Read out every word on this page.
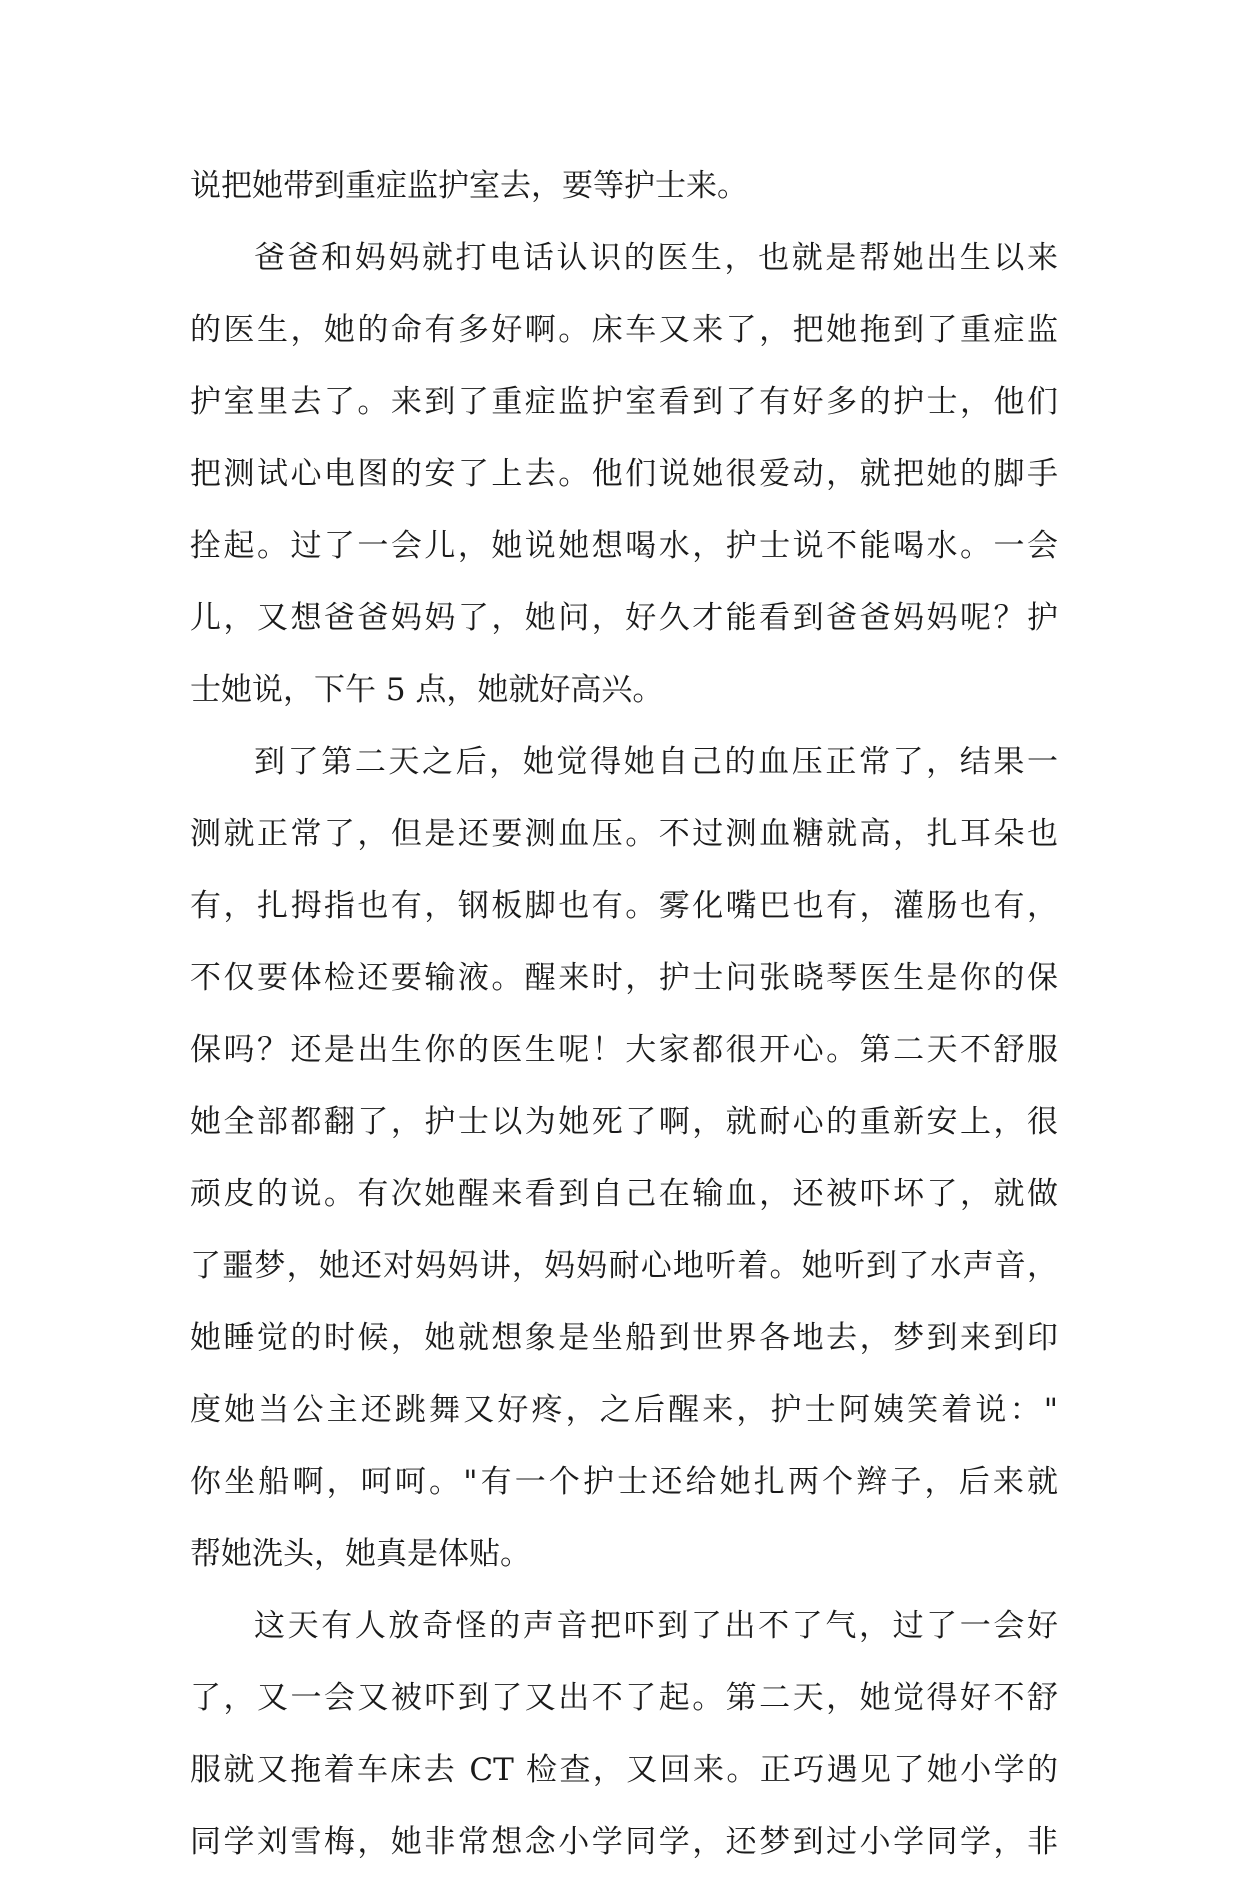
说把她带到重症监护室去，要等护士来。
爸爸和妈妈就打电话认识的医生，也就是帮她出生以来
的医生，她的命有多好啊。床车又来了，把她拖到了重症监
护室里去了。来到了重症监护室看到了有好多的护士，他们
把测试心电图的安了上去。他们说她很爱动，就把她的脚手
拴起。过了一会儿，她说她想喝水，护士说不能喝水。一会
儿，又想爸爸妈妈了，她问，好久才能看到爸爸妈妈呢？护
士她说，下午 5 点，她就好高兴。
到了第二天之后，她觉得她自己的血压正常了，结果一
测就正常了，但是还要测血压。不过测血糖就高，扎耳朵也
有，扎拇指也有，钢板脚也有。雾化嘴巴也有，灌肠也有，
不仅要体检还要输液。醒来时，护士问张晓琴医生是你的保
保吗？还是出生你的医生呢！大家都很开心。第二天不舒服
她全部都翻了，护士以为她死了啊，就耐心的重新安上，很
顽皮的说。有次她醒来看到自己在输血，还被吓坏了，就做
了噩梦，她还对妈妈讲，妈妈耐心地听着。她听到了水声音，
她睡觉的时候，她就想象是坐船到世界各地去，梦到来到印
度她当公主还跳舞又好疼，之后醒来，护士阿姨笑着说："
你坐船啊，呵呵。"有一个护士还给她扎两个辫子，后来就
帮她洗头，她真是体贴。
这天有人放奇怪的声音把吓到了出不了气，过了一会好
了，又一会又被吓到了又出不了起。第二天，她觉得好不舒
服就又拖着车床去 CT 检查，又回来。正巧遇见了她小学的
同学刘雪梅，她非常想念小学同学，还梦到过小学同学，非
